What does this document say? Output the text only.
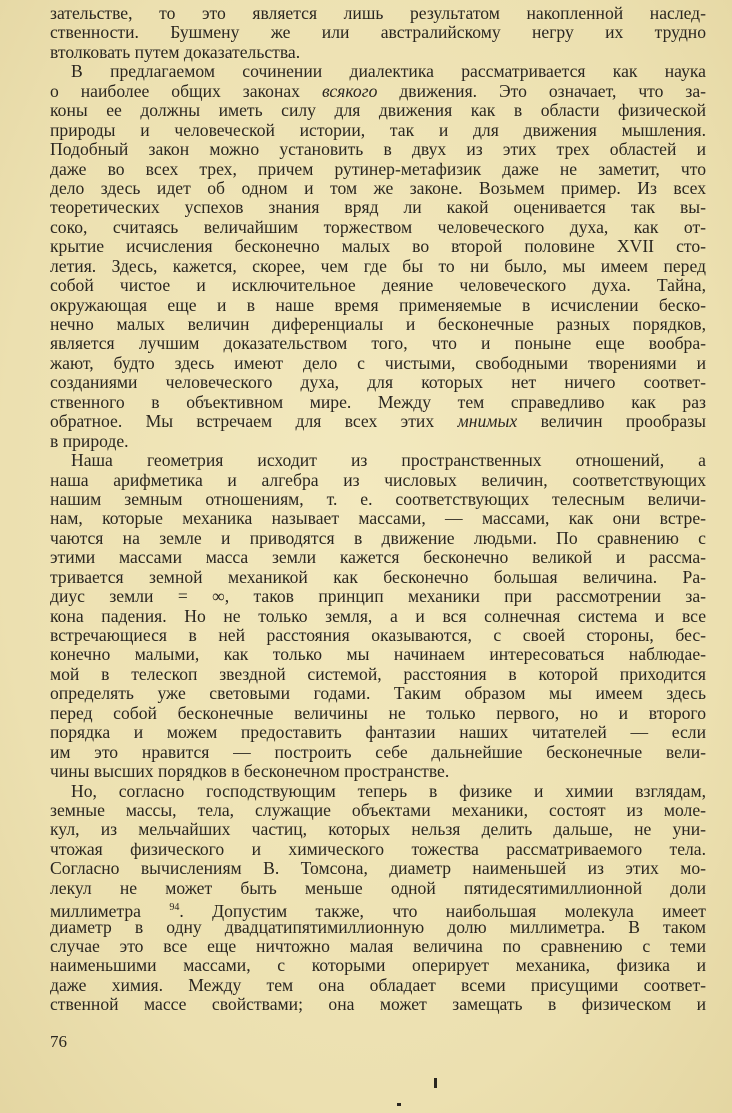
зательстве, то это является лишь результатом накопленной наслед-
ственности. Бушмену же или австралийскому негру их трудно
втолковать путем доказательства.
В предлагаемом сочинении диалектика рассматривается как наука
о наиболее общих законах всякого движения. Это означает, что за-
коны ее должны иметь силу для движения как в области физической
природы и человеческой истории, так и для движения мышления.
Подобный закон можно установить в двух из этих трех областей и
даже во всех трех, причем рутинер-метафизик даже не заметит, что
дело здесь идет об одном и том же законе. Возьмем пример. Из всех
теоретических успехов знания вряд ли какой оценивается так вы-
соко, считаясь величайшим торжеством человеческого духа, как от-
крытие исчисления бесконечно малых во второй половине XVII сто-
летия. Здесь, кажется, скорее, чем где бы то ни было, мы имеем перед
собой чистое и исключительное деяние человеческого духа. Тайна,
окружающая еще и в наше время применяемые в исчислении беско-
нечно малых величин диференциалы и бесконечные разных порядков,
является лучшим доказательством того, что и поныне еще вообра-
жают, будто здесь имеют дело с чистыми, свободными творениями и
созданиями человеческого духа, для которых нет ничего соответ-
ственного в объективном мире. Между тем справедливо как раз
обратное. Мы встречаем для всех этих мнимых величин прообразы
в природе.
Наша геометрия исходит из пространственных отношений, а
наша арифметика и алгебра из числовых величин, соответствующих
нашим земным отношениям, т. е. соответствующих телесным величи-
нам, которые механика называет массами, — массами, как они встре-
чаются на земле и приводятся в движение людьми. По сравнению с
этими массами масса земли кажется бесконечно великой и рассма-
тривается земной механикой как бесконечно большая величина. Ра-
диус земли = ∞, таков принцип механики при рассмотрении за-
кона падения. Но не только земля, а и вся солнечная система и все
встречающиеся в ней расстояния оказываются, с своей стороны, бес-
конечно малыми, как только мы начинаем интересоваться наблюдае-
мой в телескоп звездной системой, расстояния в которой приходится
определять уже световыми годами. Таким образом мы имеем здесь
перед собой бесконечные величины не только первого, но и второго
порядка и можем предоставить фантазии наших читателей — если
им это нравится — построить себе дальнейшие бесконечные вели-
чины высших порядков в бесконечном пространстве.
Но, согласно господствующим теперь в физике и химии взглядам,
земные массы, тела, служащие объектами механики, состоят из моле-
кул, из мельчайших частиц, которых нельзя делить дальше, не уни-
чтожая физического и химического тожества рассматриваемого тела.
Согласно вычислениям В. Томсона, диаметр наименьшей из этих мо-
лекул не может быть меньше одной пятидесятимиллионной доли
миллиметра $^{94}$. Допустим также, что наибольшая молекула имеет
диаметр в одну двадцатипятимиллионную долю миллиметра. В таком
случае это все еще ничтожно малая величина по сравнению с теми
наименьшими массами, с которыми оперирует механика, физика и
даже химия. Между тем она обладает всеми присущими соответ-
ственной массе свойствами; она может замещать в физическом и
76
